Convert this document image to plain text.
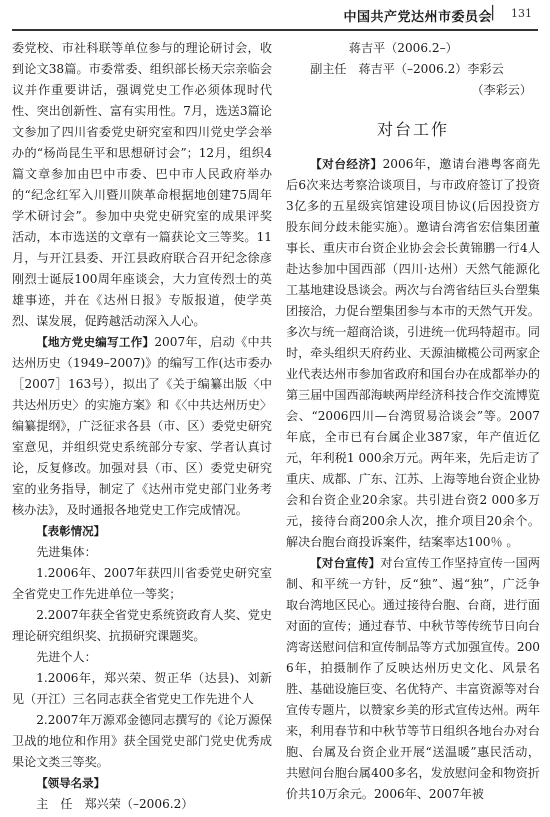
中国共产党达州市委员会 ▏ 131

委党校、市社科联等单位参与的理论研讨会，收到论文38篇。市委常委、组织部长杨天宗亲临会议并作重要讲话，强调党史工作必须体现时代性、突出创新性、富有实用性。7月，选送3篇论文参加了四川省委党史研究室和四川党史学会举办的“杨尚昆生平和思想研讨会”；12月，组织4篇文章参加由巴中市委、巴中市人民政府举办的“纪念红军入川暨川陕革命根据地创建75周年学术研讨会”。参加中央党史研究室的成果评奖活动，本市选送的文章有一篇获论文三等奖。11月，与开江县委、开江县政府联合召开纪念徐彦刚烈士诞辰100周年座谈会，大力宣传烈士的英雄事迹，并在《达州日报》专版报道，使学英烈、谋发展，促跨越活动深入人心。

【地方党史编写工作】2007年，启动《中共达州历史（1949–2007)》的编写工作(达市委办［2007］163号），拟出了《关于编纂出版〈中共达州历史〉的实施方案》和《〈中共达州历史〉编纂提纲》，广泛征求各县（市、区）委党史研究室意见，并组织党史系统部分专家、学者认真讨论，反复修改。加强对县（市、区）委党史研究室的业务指导，制定了《达州市党史部门业务考核办法》，及时通报各地党史工作完成情况。

【表彰情况】

先进集体：

1.2006年、2007年获四川省委党史研究室全省党史工作先进单位一等奖；

2.2007年获全省党史系统资政育人奖、党史理论研究组织奖、抗损研究课题奖。

先进个人：

1.2006年，郑兴荣、贺正华（达县)、刘新见（开江）三名同志获全省党史工作先进个人

2.2007年万源邓金德同志撰写的《论万源保卫战的地位和作用》获全国党史部门党史优秀成果论文类三等奖。

【领导名录】

主　任　郑兴荣（–2006.2）

蒋吉平（2006.2–）

副主任　蒋吉平（–2006.2）李彩云

（李彩云）

对台工作

【对台经济】2006年，邀请台港粤客商先后6次来达考察洽谈项目，与市政府签订了投资3亿多的五星级宾馆建设项目协议(后因投资方股东间分歧未能实施）。邀请台湾省宏信集团董事长、重庆市台资企业协会会长黄锦鹏一行4人赴达参加中国西部（四川·达州）天然气能源化工基地建设恳谈会。两次与台湾省结巨头台塑集团接洽，力促台塑集团参与本市的天然气开发。多次与统一超商洽谈，引进统一优玛特超市。同时，牵头组织天府药业、天源油橄榄公司两家企业代表达州市参加省政府和国台办在成都举办的第三届中国西部海峡两岸经济科技合作交流博览会、“2006四川—台湾贸易洽谈会”等。2007年底，全市已有台属企业387家，年产值近亿元，年利税1 000余万元。两年来，先后走访了重庆、成都、广东、江苏、上海等地台资企业协会和台资企业20余家。共引进台资2 000多万元，接待台商200余人次，推介项目20余个。解决台胞台商投诉案件，结案率达100％ 。

【对台宣传】对台宣传工作坚持宣传一国两制、和平统一方针，反“独”、遏“独”，广泛争取台湾地区民心。通过接待台胞、台商，进行面对面的宣传；通过春节、中秋节等传统节日向台湾寄送慰问信和宣传制品等方式加强宣传。2006年，拍摄制作了反映达州历史文化、风景名胜、基础设施巨变、名优特产、丰富资源等对台宣传专题片，以赞家乡美的形式宣传达州。两年来，利用春节和中秋节等节日组织各地台办对台胞、台属及台资企业开展“送温暖”惠民活动，共慰问台胞台属400多名，发放慰问金和物资折价共10万余元。2006年、2007年被
